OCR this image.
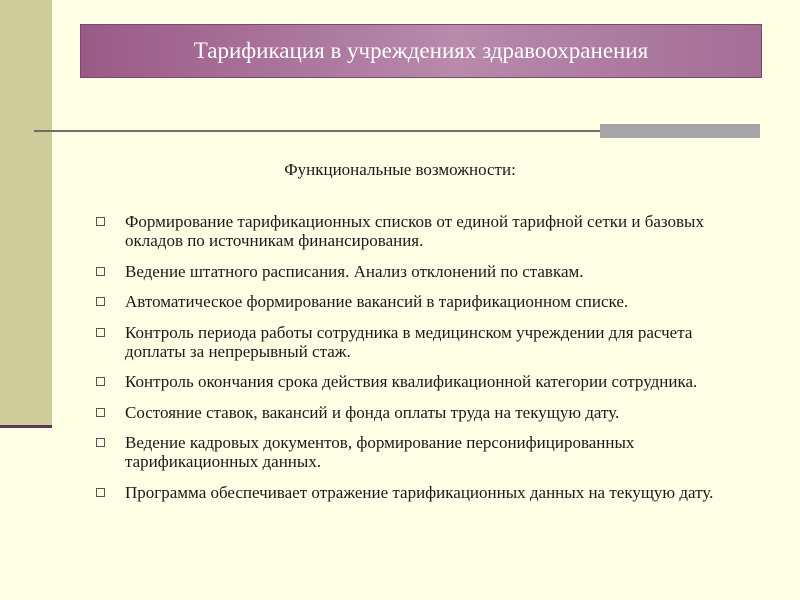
Тарификация в учреждениях здравоохранения
Функциональные возможности:
Формирование тарификационных списков от единой тарифной сетки и базовых окладов по источникам финансирования.
Ведение штатного расписания. Анализ отклонений по ставкам.
Автоматическое формирование вакансий в тарификационном списке.
Контроль периода работы сотрудника в медицинском учреждении для расчета доплаты за непрерывный стаж.
Контроль окончания срока действия квалификационной категории сотрудника.
Состояние ставок, вакансий и фонда оплаты труда на текущую дату.
Ведение кадровых документов, формирование персонифицированных тарификационных данных.
Программа обеспечивает отражение тарификационных данных на текущую дату.
